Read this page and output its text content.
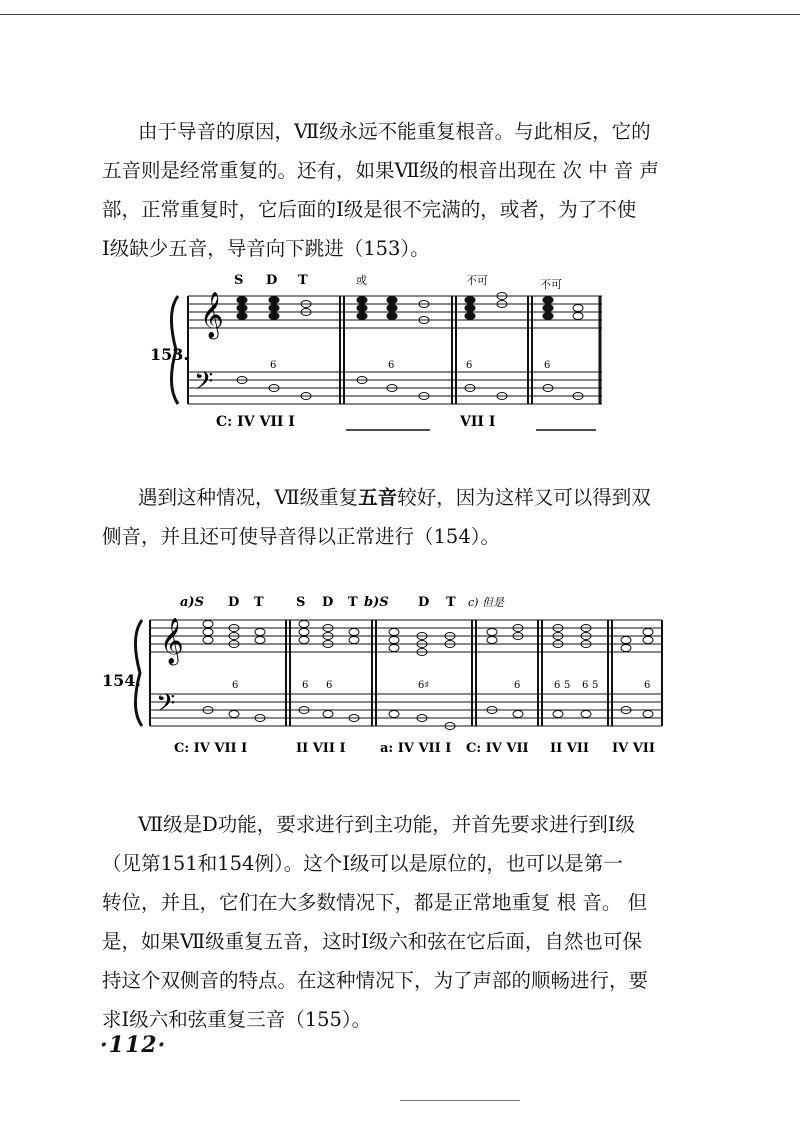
由于导音的原因，Ⅶ级永远不能重复根音。与此相反，它的
五音则是经常重复的。还有，如果Ⅶ级的根音出现在 次 中 音 声
部，正常重复时，它后面的Ⅰ级是很不完满的，或者，为了不使
Ⅰ级缺少五音，导音向下跳进（153）。

𝄞
𝄢
153.
S D T	或	不可	不可
6	6	6	6
C: IV VII I	VII I

遇到这种情况，Ⅶ级重复五音较好，因为这样又可以得到双
侧音，并且还可使导音得以正常进行（154）。

𝄞
𝄢
154.
a)S D T S D T b)S D T c) 但是
6	6 6	6♯	6	6 5 6 5	6
C: IV VII I	II VII I	a: IV VII I C: IV VII II VII IV VII

Ⅶ级是D功能，要求进行到主功能，并首先要求进行到Ⅰ级
（见第151和154例）。这个Ⅰ级可以是原位的，也可以是第一
转位，并且，它们在大多数情况下，都是正常地重复 根 音。 但
是，如果Ⅶ级重复五音，这时Ⅰ级六和弦在它后面，自然也可保
持这个双侧音的特点。在这种情况下，为了声部的顺畅进行，要
求Ⅰ级六和弦重复三音（155）。

·112·
